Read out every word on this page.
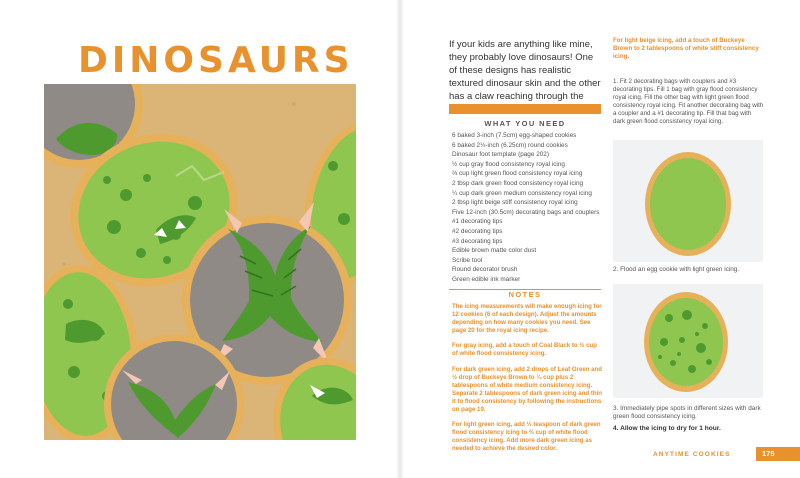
DINOSAURS	If your kids are anything like mine, they probably love dinosaurs! One of these designs has realistic textured dinosaur skin and the other has a claw reaching through the
WHAT YOU NEED
6 baked 3-inch (7.5cm) egg-shaped cookies
6 baked 2½-inch (6.25cm) round cookies
Dinosaur foot template (page 202)
½ cup gray flood consistency royal icing
⅔ cup light green flood consistency royal icing
2 tbsp dark green flood consistency royal icing
¼ cup dark green medium consistency royal icing
2 tbsp light beige stiff consistency royal icing
Five 12-inch (30.5cm) decorating bags and couplers
#1 decorating tips
#2 decorating tips
#3 decorating tips
Edible brown matte color dust
Scribe tool
Round decorator brush
Green edible ink marker
NOTES

The icing measurements will make enough icing for 12 cookies (6 of each design). Adjust the amounts depending on how many cookies you need. See page 20 for the royal icing recipe.

For gray icing, add a touch of Coal Black to ½ cup of white flood consistency icing.

For dark green icing, add 2 drops of Leaf Green and ½ drop of Buckeye Brown to ¼ cup plus 2 tablespoons of white medium consistency icing. Separate 2 tablespoons of dark green icing and thin it to flood consistency by following the instructions on page 19.

For light green icing, add ½ teaspoon of dark green flood consistency icing to ⅔ cup of white flood consistency icing. Add more dark green icing as needed to achieve the desired color.

For light beige icing, add a touch of Buckeye Brown to 2 tablespoons of white stiff consistency icing.

1. Fit 2 decorating bags with couplers and #3 decorating tips. Fill 1 bag with gray flood consistency royal icing. Fill the other bag with light green flood consistency royal icing. Fit another decorating bag with a coupler and a #1 decorating tip. Fill that bag with dark green flood consistency royal icing.

2. Flood an egg cookie with light green icing.

3. Immediately pipe spots in different sizes with dark green flood consistency icing.

4. Allow the icing to dry for 1 hour.
ANYTIME COOKIES	175
